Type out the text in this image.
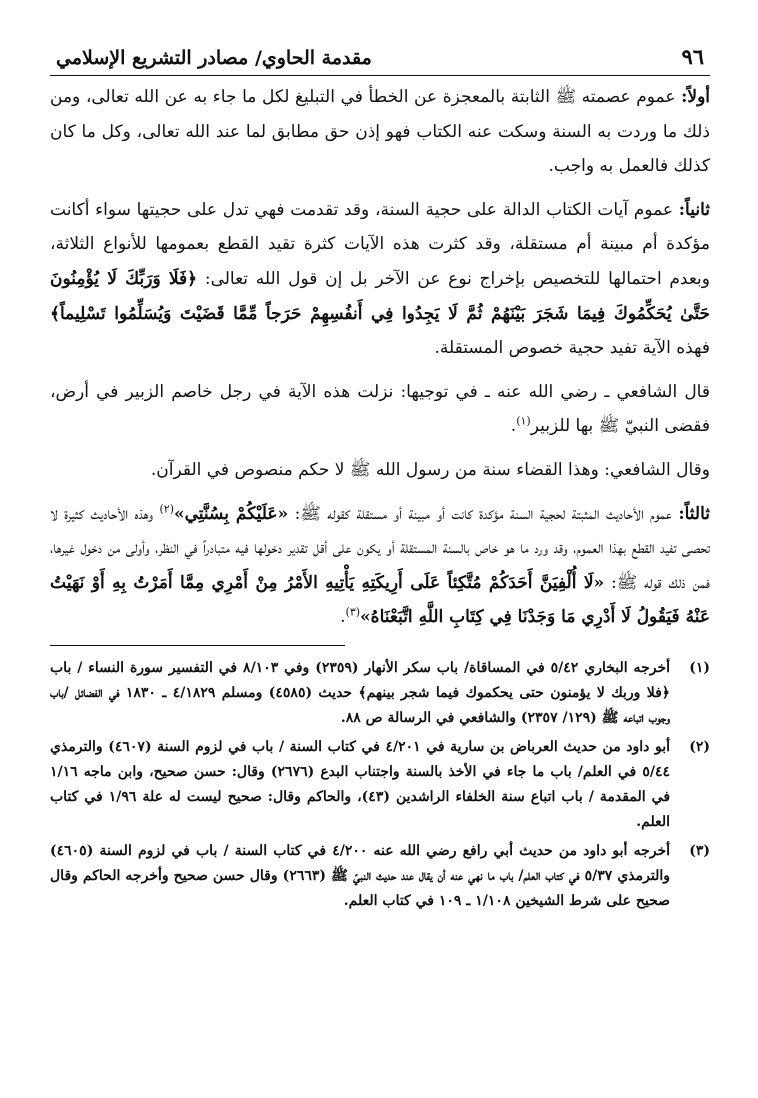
٩٦
مقدمة الحاوي/ مصادر التشريع الإسلامي

أولاً: عموم عصمته ﷺ الثابتة بالمعجزة عن الخطأ في التبليغ لكل ما جاء به عن الله تعالى، ومن ذلك ما وردت به السنة وسكت عنه الكتاب فهو إذن حق مطابق لما عند الله تعالى، وكل ما كان كذلك فالعمل به واجب.

ثانياً: عموم آيات الكتاب الدالة على حجية السنة، وقد تقدمت فهي تدل على حجيتها سواء أكانت مؤكدة أم مبينة أم مستقلة، وقد كثرت هذه الآيات كثرة تقيد القطع بعمومها للأنواع الثلاثة، وبعدم احتمالها للتخصيص بإخراج نوع عن الآخر بل إن قول الله تعالى: ﴿فَلَا وَرَبِّكَ لَا يُؤْمِنُونَ حَتَّىٰ يُحَكِّمُوكَ فِيمَا شَجَرَ بَيْنَهُمْ ثُمَّ لَا يَجِدُوا فِي أَنفُسِهِمْ حَرَجاً مِّمَّا قَضَيْتَ وَيُسَلِّمُوا تَسْلِيماً﴾ فهذه الآية تفيد حجية خصوص المستقلة.

قال الشافعي ـ رضي الله عنه ـ في توجيها: نزلت هذه الآية في رجل خاصم الزبير في أرض، فقضى النبيّ ﷺ بها للزبير$^{(١)}$.

وقال الشافعي: وهذا القضاء سنة من رسول الله ﷺ لا حكم منصوص في القرآن.

ثالثاً: عموم الأحاديث المثبتة لحجية السنة مؤكدة كانت أو مبينة أو مستقلة كقوله ﷺ: «عَلَيْكُمْ بِسُنَّتِي»$^{(٢)}$ وهذه الأحاديث كثيرة لا تحصى تفيد القطع بهذا العموم، وقد ورد ما هو خاص بالسنة المستقلة أو يكون على أقل تقدير دخولها فيه متبادراً في النظر، وأولى من دخول غيرها، فمن ذلك قوله ﷺ: «لَا أُلْفِيَنَّ أَحَدَكُمْ مُتَّكِئاً عَلَى أَرِيكَتِهِ يَأْتِيهِ الأَمْرُ مِنْ أَمْرِي مِمَّا أَمَرْتُ بِهِ أَوْ نَهَيْتُ عَنْهُ فَيَقُولُ لَا أَدْرِي مَا وَجَدْنَا فِي كِتَابِ اللَّهِ اتَّبَعْنَاهُ»$^{(٣)}$.

(١)
أخرجه البخاري ٥/٤٢ في المساقاة/ باب سكر الأنهار (٢٣٥٩) وفي ٨/١٠٣ في التفسير سورة النساء / باب ﴿فلا وربك لا يؤمنون حتى يحكموك فيما شجر بينهم﴾ حديث (٤٥٨٥) ومسلم ٤/١٨٢٩ ـ ١٨٣٠ في الفضائل /باب وجوب اتباعه ﷺ (١٢٩/ ٢٣٥٧) والشافعي في الرسالة ص ٨٨.
(٢)
أبو داود من حديث العرباض بن سارية في ٤/٢٠١ في كتاب السنة / باب في لزوم السنة (٤٦٠٧) والترمذي ٥/٤٤ في العلم/ باب ما جاء في الأخذ بالسنة واجتناب البدع (٢٦٧٦) وقال: حسن صحيح، وابن ماجه ١/١٦ في المقدمة / باب اتباع سنة الخلفاء الراشدين (٤٣)، والحاكم وقال: صحيح ليست له علة ١/٩٦ في كتاب العلم.
(٣)
أخرجه أبو داود من حديث أبي رافع رضي الله عنه ٤/٢٠٠ في كتاب السنة / باب في لزوم السنة (٤٦٠٥) والترمذي ٥/٣٧ في كتاب العلم/ باب ما نهي عنه أن يقال عند حديث النبيّ ﷺ (٢٦٦٣) وقال حسن صحيح وأخرجه الحاكم وقال صحيح على شرط الشيخين ١/١٠٨ ـ ١٠٩ في كتاب العلم.
